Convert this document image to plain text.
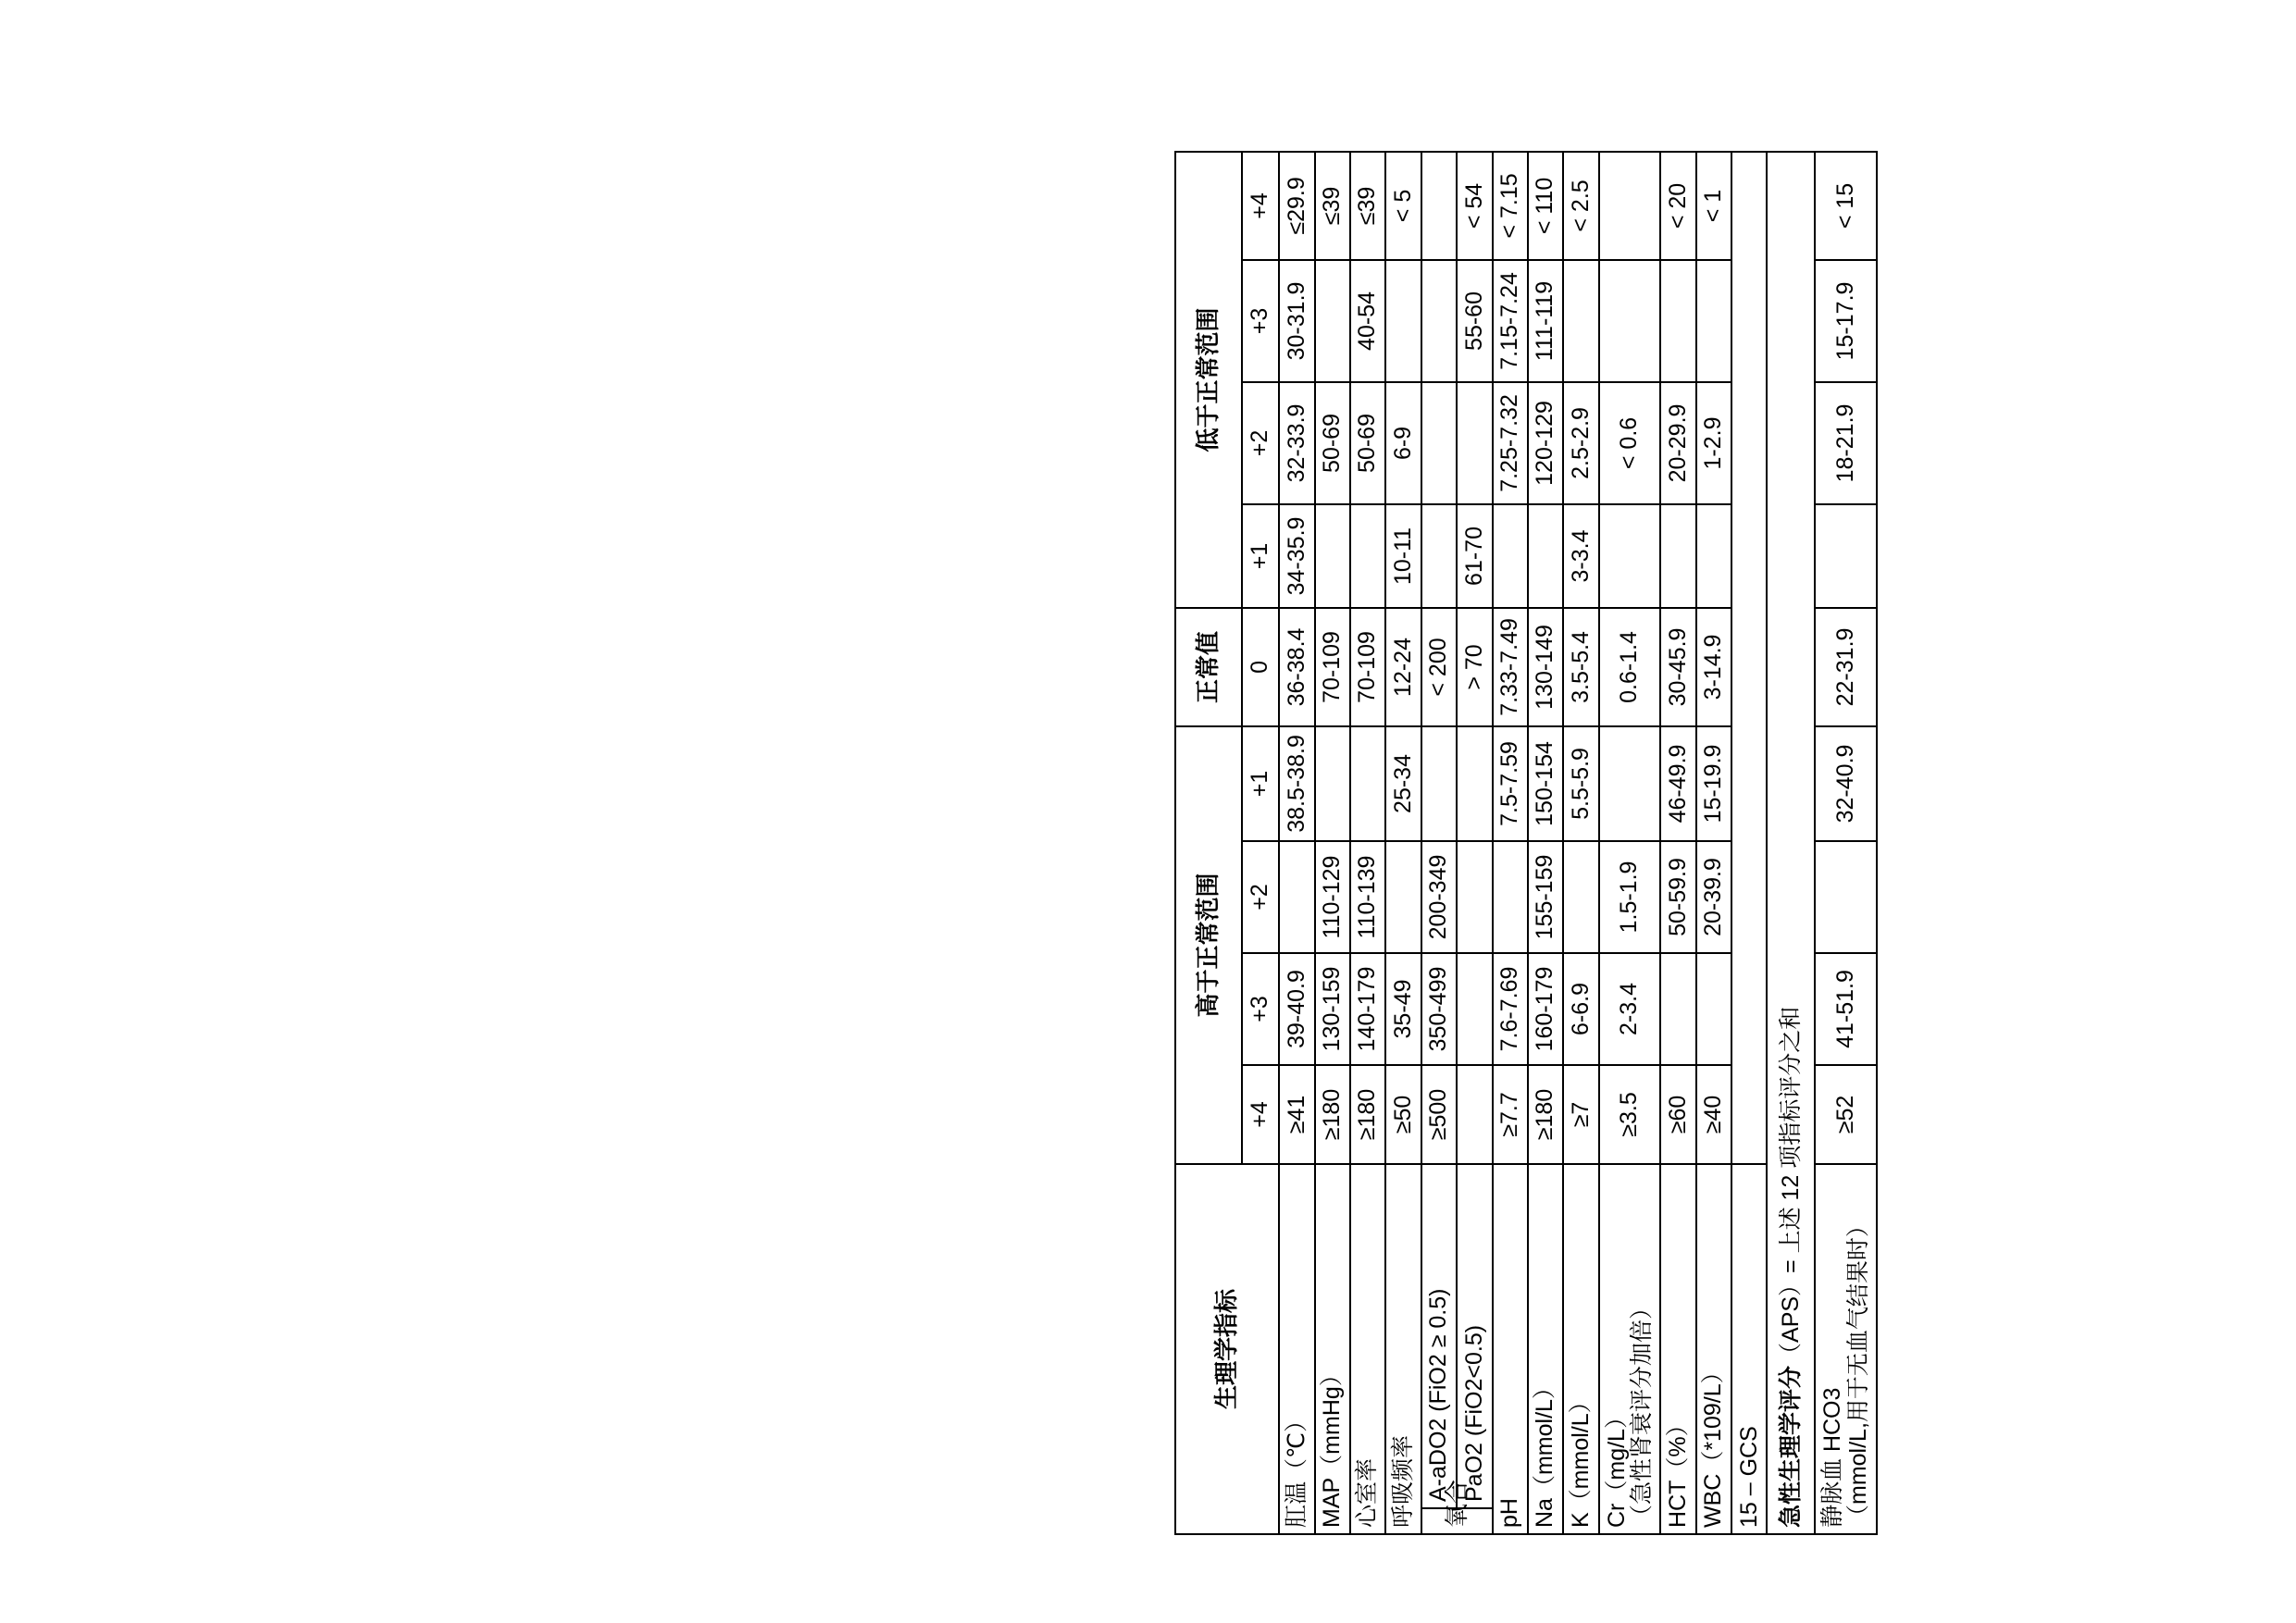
生理学指标		高于正常范围				正常值	低于正常范围			
		+4	+3	+2	+1	0	+1	+2	+3	+4
肛温（℃）		≥41	39-40.9		38.5-38.9	36-38.4	34-35.9	32-33.9	30-31.9	≤29.9
MAP（mmHg）		≥180	130-159	110-129		70-109		50-69		≤39
心室率		≥180	140-179	110-139		70-109		50-69	40-54	≤39
呼吸频率		≥50	35-49		25-34	12-24	10-11	6-9		< 5
氧合	A-aDO2 (FiO2 ≥ 0.5)	≥500	350-499	200-349		< 200				
	PaO2 (FiO2<0.5)					> 70	61-70		55-60	< 54
pH		≥7.7	7.6-7.69		7.5-7.59	7.33-7.49		7.25-7.32	7.15-7.24	< 7.15
Na（mmol/L）		≥180	160-179	155-159	150-154	130-149		120-129	111-119	< 110
K（mmol/L）		≥7	6-6.9		5.5-5.9	3.5-5.4	3-3.4	2.5-2.9		< 2.5

Cr（mg/L） （急性肾衰评分加倍）		≥3.5	2-3.4	1.5-1.9		0.6-1.4		< 0.6		
HCT（%）		≥60		50-59.9	46-49.9	30-45.9		20-29.9		< 20
WBC（*109/L）		≥40		20-39.9	15-19.9	3-14.9		1-2.9		< 1
15 – GCS										
急性生理学评分（APS）= 上述 12 项指标评分之和										

静脉血 HCO3 （mmol/L,用于无血气结果时）		≥52	41-51.9		32-40.9	22-31.9		18-21.9	15-17.9	< 15
